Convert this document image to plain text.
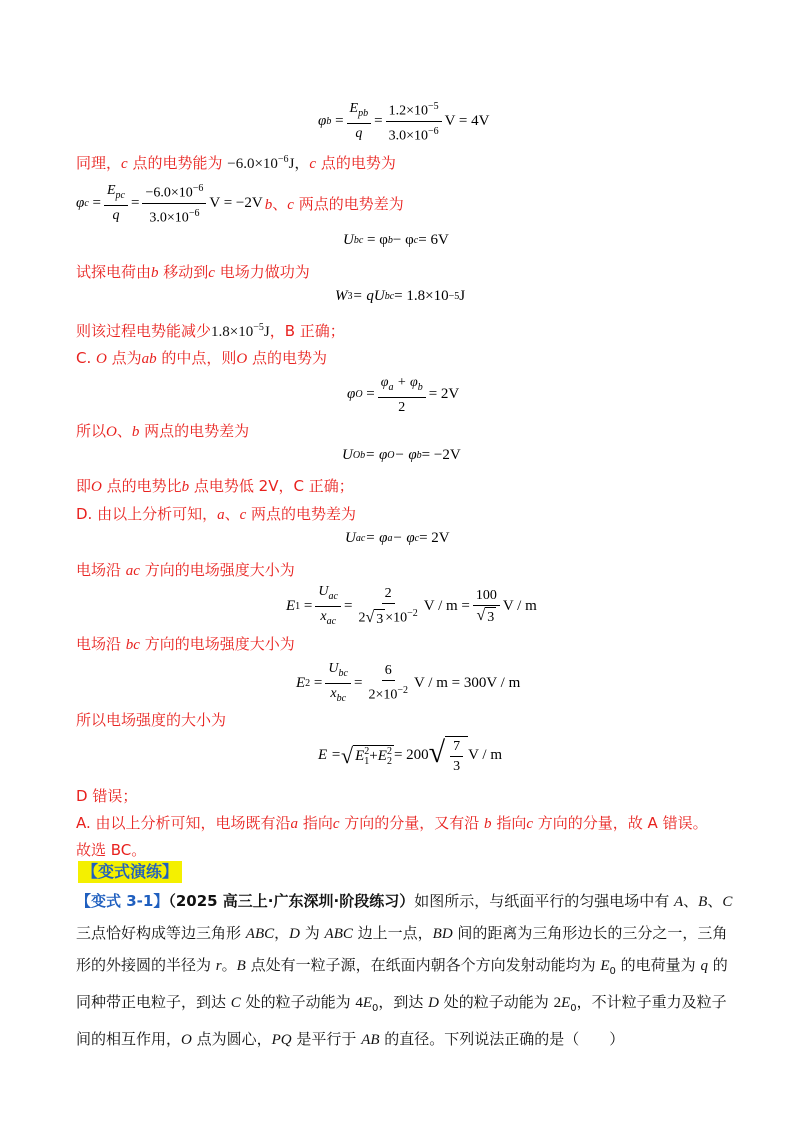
φ $b = \frac{E_{pb}}{q} = \frac{1.2\times 10^{-5}}{3.0\times 10^{-6}}$ V = 4V
同理，c 点的电势能为 $-6.0\times 10^{-6}J$，c 点的电势为
φ $c = \frac{E_{pc}}{q} = \frac{-6.0\times 10^{-6}}{3.0\times 10^{-6}}$ V = −2V b、c 两点的电势差为
U bc
= φ b − φ c = 6V
试探电荷由b 移动到c 电场力做功为
W 3 = qU bc = 1.8×10 −5 J
则该过程电势能减少$1.8\times 10^{-5}J$，B 正确；
C. O 点为ab 的中点，则O 点的电势为
φ $O = \frac{\varphi_a + \varphi_b}{2} = 2V$
所以O、b 两点的电势差为
U Ob = φ O − φ b = −2V
即O 点的电势比b 点电势低 2V，C 正确；
D. 由以上分析可知，a、c 两点的电势差为
U ac = φ a − φ c = 2V
电场沿 ac 方向的电场强度大小为
E $1 = \frac{U_{ac}}{x_{ac}} = \frac{2}{2 √ 3 \times 10^{-2}}$ $V / m = \frac{100}{√ 3}$ V / m
电场沿 bc 方向的电场强度大小为
E $2 = \frac{U_{bc}}{x_{bc}} = \frac{6}{2\times 10^{-2}}$ V / m = 300V / m
所以电场强度的大小为
E = √ E 2
1 + E 2
2 = 200 √ $\frac{7}{3}$ V / m
D 错误；
A. 由以上分析可知，电场既有沿a 指向c 方向的分量，又有沿 b 指向c 方向的分量，故 A 错误。
故选 BC。
【变式演练】
【变式 3-1】（2025 高三上·广东深圳·阶段练习）如图所示，与纸面平行的匀强电场中有 A、B、C 三点恰好构成等边三角形 ABC，D 为 ABC 边上一点，BD 间的距离为三角形边长的三分之一，三角形的外接圆的半径为 r。B 点处有一粒子源，在纸面内朝各个方向发射动能均为 $E_0$ 的电荷量为 q 的同种带正电粒子，到达 C 处的粒子动能为 $4E_0$，到达 D 处的粒子动能为 $2E_0$，不计粒子重力及粒子间的相互作用，O 点为圆心，PQ 是平行于 AB 的直径。下列说法正确的是（　　）
